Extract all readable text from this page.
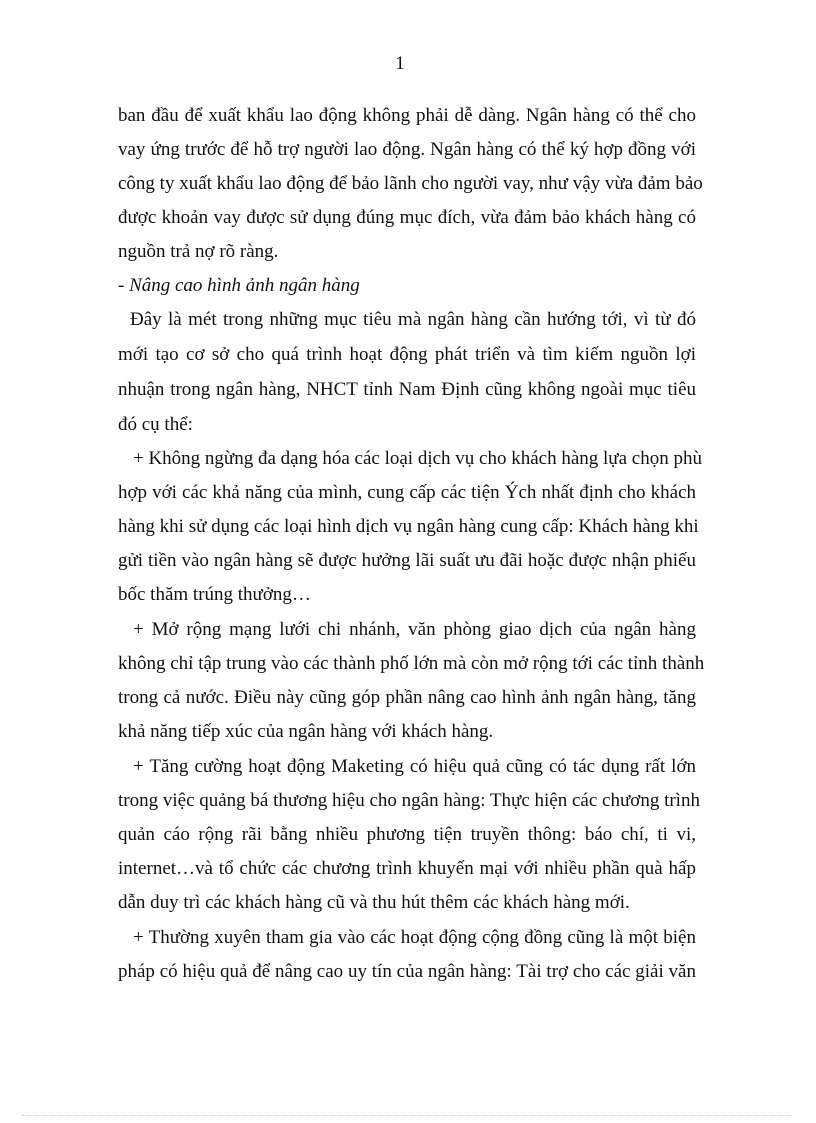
1
ban đầu để xuất khẩu lao động không phải dễ dàng. Ngân hàng có thể cho
vay ứng trước để hỗ trợ người lao động. Ngân hàng có thể ký hợp đồng với
công ty xuất khẩu lao động để bảo lãnh cho người vay, như vậy vừa đảm bảo
được khoản vay được sử dụng đúng mục đích, vừa đảm bảo khách hàng có
nguồn trả nợ rõ ràng.
- Nâng cao hình ảnh ngân hàng
Đây là mét trong những mục tiêu mà ngân hàng cần hướng tới, vì từ đó
mới tạo cơ sở cho quá trình hoạt động phát triển và tìm kiếm nguồn lợi
nhuận trong ngân hàng, NHCT tỉnh Nam Định cũng không ngoài mục tiêu
đó cụ thể:
+ Không ngừng đa dạng hóa các loại dịch vụ cho khách hàng lựa chọn phù
hợp với các khả năng của mình, cung cấp các tiện Ých nhất định cho khách
hàng khi sử dụng các loại hình dịch vụ ngân hàng cung cấp: Khách hàng khi
gửi tiền vào ngân hàng sẽ được hưởng lãi suất ưu đãi hoặc được nhận phiếu
bốc thăm trúng thưởng…
+ Mở rộng mạng lưới chi nhánh, văn phòng giao dịch của ngân hàng
không chỉ tập trung vào các thành phố lớn mà còn mở rộng tới các tỉnh thành
trong cả nước. Điều này cũng góp phần nâng cao hình ảnh ngân hàng, tăng
khả năng tiếp xúc của ngân hàng với khách hàng.
+ Tăng cường hoạt động Maketing có hiệu quả cũng có tác dụng rất lớn
trong việc quảng bá thương hiệu cho ngân hàng: Thực hiện các chương trình
quản cáo rộng rãi bằng nhiều phương tiện truyền thông: báo chí, ti vi,
internet…và tổ chức các chương trình khuyến mại với nhiều phần quà hấp
dẫn duy trì các khách hàng cũ và thu hút thêm các khách hàng mới.
+ Thường xuyên tham gia vào các hoạt động cộng đồng cũng là một biện
pháp có hiệu quả để nâng cao uy tín của ngân hàng: Tài trợ cho các giải văn
